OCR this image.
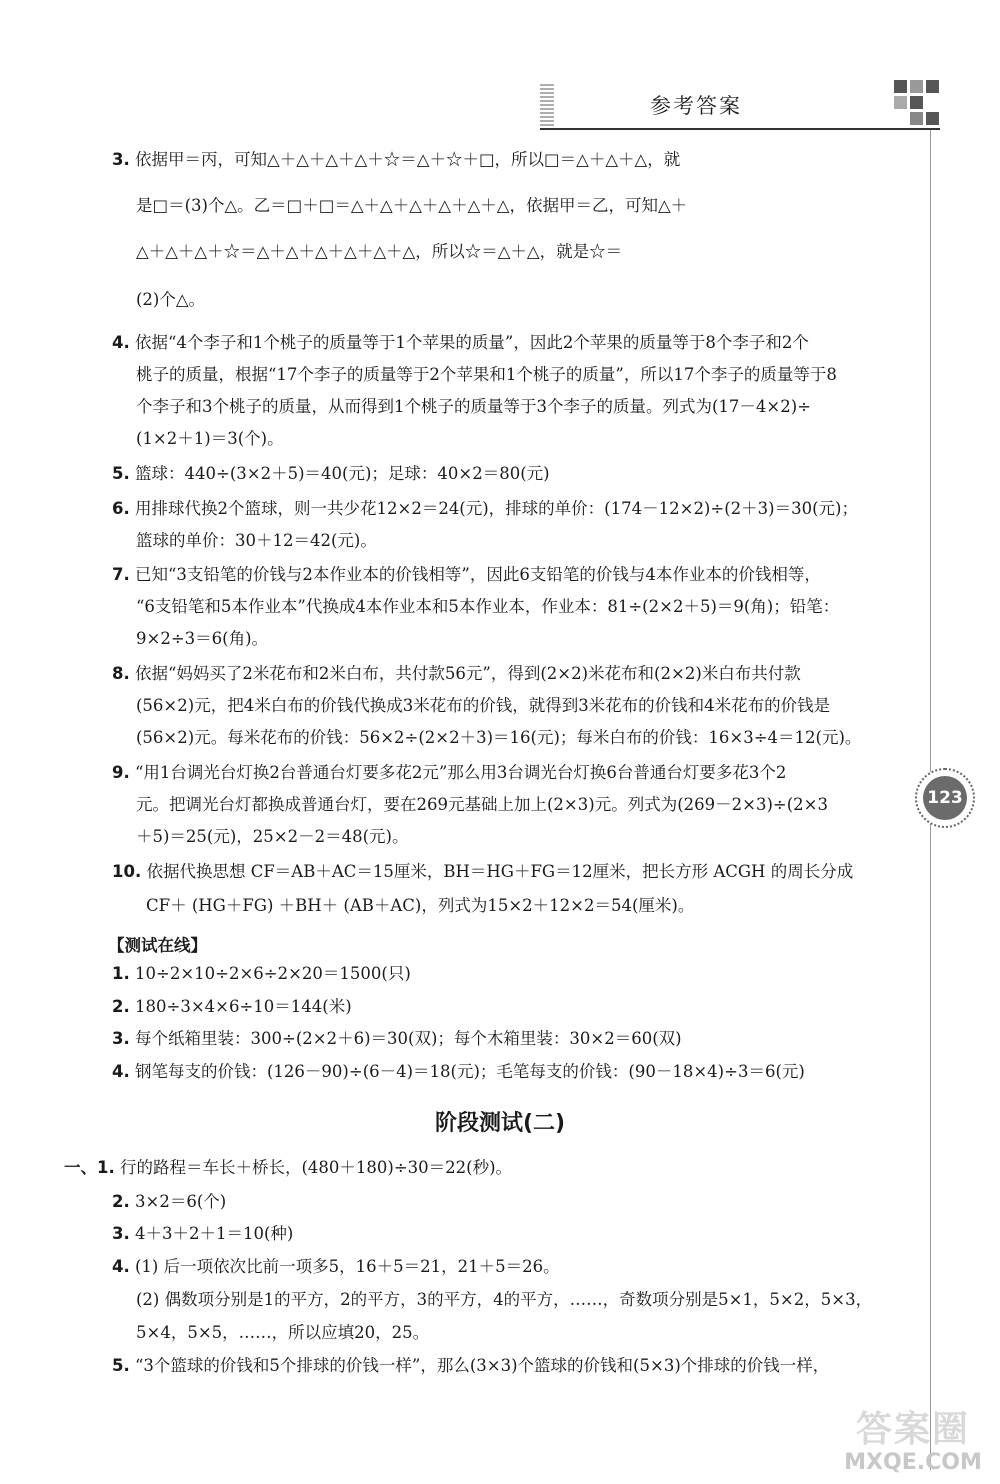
参考答案
123
3. 依据甲＝丙，可知△＋△＋△＋△＋☆＝△＋☆＋□，所以□＝△＋△＋△，就
是□＝(3)个△。乙＝□＋□＝△＋△＋△＋△＋△＋△，依据甲＝乙，可知△＋
△＋△＋△＋☆＝△＋△＋△＋△＋△＋△，所以☆＝△＋△，就是☆＝
(2)个△。
4. 依据“4个李子和1个桃子的质量等于1个苹果的质量”，因此2个苹果的质量等于8个李子和2个
桃子的质量，根据“17个李子的质量等于2个苹果和1个桃子的质量”，所以17个李子的质量等于8
个李子和3个桃子的质量，从而得到1个桃子的质量等于3个李子的质量。列式为(17－4×2)÷
(1×2＋1)＝3(个)。
5. 篮球：440÷(3×2＋5)＝40(元)；足球：40×2＝80(元)
6. 用排球代换2个篮球，则一共少花12×2＝24(元)，排球的单价：(174－12×2)÷(2＋3)＝30(元)；
篮球的单价：30＋12＝42(元)。
7. 已知“3支铅笔的价钱与2本作业本的价钱相等”，因此6支铅笔的价钱与4本作业本的价钱相等，
“6支铅笔和5本作业本”代换成4本作业本和5本作业本，作业本：81÷(2×2＋5)＝9(角)；铅笔：
9×2÷3＝6(角)。
8. 依据“妈妈买了2米花布和2米白布，共付款56元”，得到(2×2)米花布和(2×2)米白布共付款
(56×2)元，把4米白布的价钱代换成3米花布的价钱，就得到3米花布的价钱和4米花布的价钱是
(56×2)元。每米花布的价钱：56×2÷(2×2＋3)＝16(元)；每米白布的价钱：16×3÷4＝12(元)。
9. “用1台调光台灯换2台普通台灯要多花2元”那么用3台调光台灯换6台普通台灯要多花3个2
元。把调光台灯都换成普通台灯，要在269元基础上加上(2×3)元。列式为(269－2×3)÷(2×3
＋5)＝25(元)，25×2－2＝48(元)。
10. 依据代换思想 CF＝AB＋AC＝15厘米，BH＝HG＋FG＝12厘米，把长方形 ACGH 的周长分成
CF＋ (HG＋FG) ＋BH＋ (AB＋AC)，列式为15×2＋12×2＝54(厘米)。
【测试在线】
1. 10÷2×10÷2×6÷2×20＝1500(只)
2. 180÷3×4×6÷10＝144(米)
3. 每个纸箱里装：300÷(2×2＋6)＝30(双)；每个木箱里装：30×2＝60(双)
4. 钢笔每支的价钱：(126－90)÷(6－4)＝18(元)；毛笔每支的价钱：(90－18×4)÷3＝6(元)
阶段测试(二)
一、1. 行的路程＝车长＋桥长，(480＋180)÷30＝22(秒)。
2. 3×2＝6(个)
3. 4＋3＋2＋1＝10(种)
4. (1) 后一项依次比前一项多5，16＋5＝21，21＋5＝26。
(2) 偶数项分别是1的平方，2的平方，3的平方，4的平方，……，奇数项分别是5×1，5×2，5×3，
5×4，5×5，……，所以应填20，25。
5. “3个篮球的价钱和5个排球的价钱一样”，那么(3×3)个篮球的价钱和(5×3)个排球的价钱一样，
答案圈
MXQE.COM
